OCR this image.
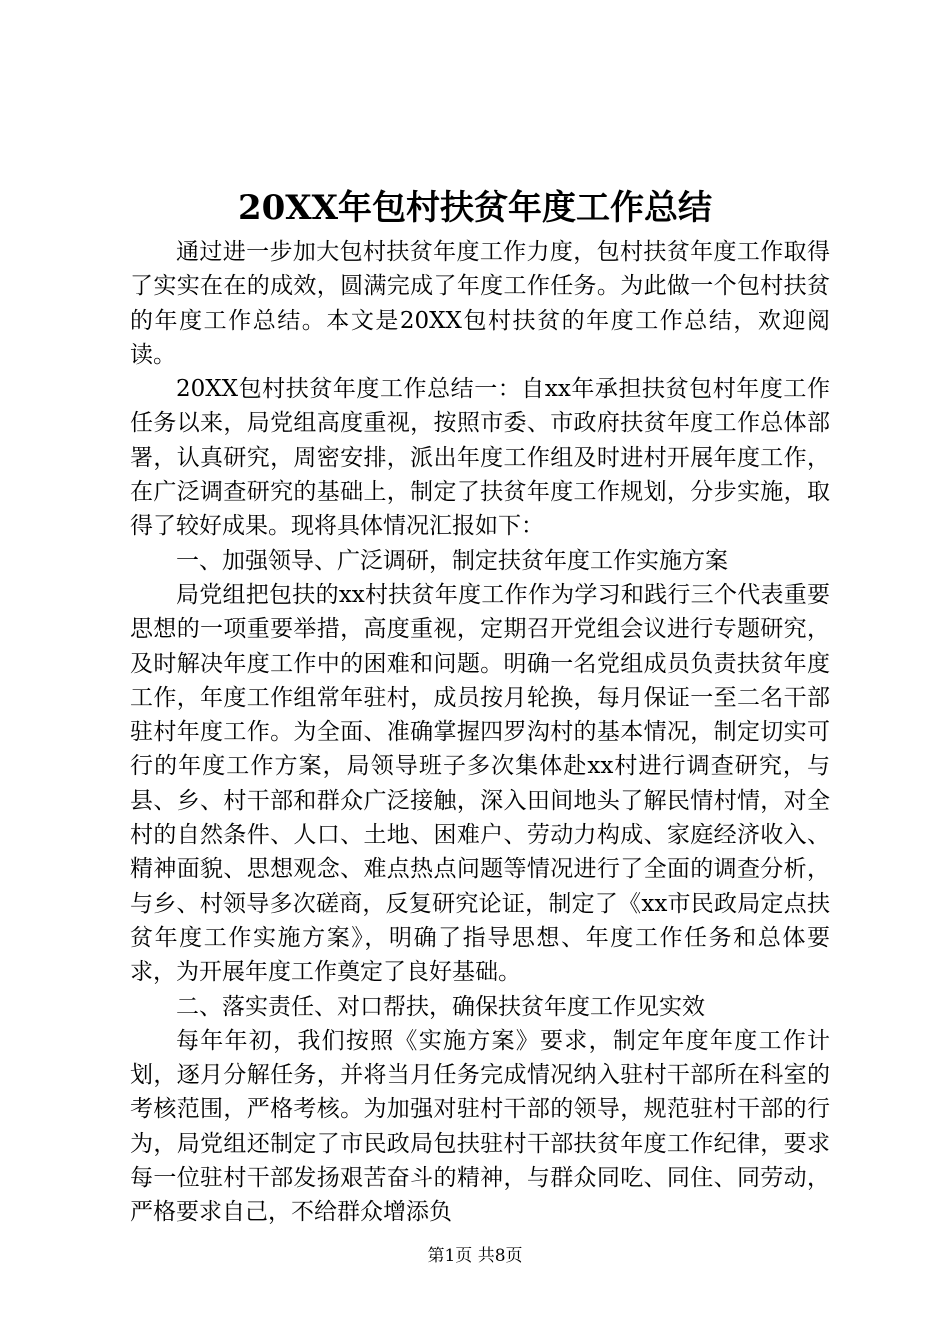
20XX年包村扶贫年度工作总结

通过进一步加大包村扶贫年度工作力度，包村扶贫年度工作取得了实实在在的成效，圆满完成了年度工作任务。为此做一个包村扶贫的年度工作总结。本文是20XX包村扶贫的年度工作总结，欢迎阅读。

20XX包村扶贫年度工作总结一：自xx年承担扶贫包村年度工作任务以来，局党组高度重视，按照市委、市政府扶贫年度工作总体部署，认真研究，周密安排，派出年度工作组及时进村开展年度工作，在广泛调查研究的基础上，制定了扶贫年度工作规划，分步实施，取得了较好成果。现将具体情况汇报如下：

一、加强领导、广泛调研，制定扶贫年度工作实施方案

局党组把包扶的xx村扶贫年度工作作为学习和践行三个代表重要思想的一项重要举措，高度重视，定期召开党组会议进行专题研究，及时解决年度工作中的困难和问题。明确一名党组成员负责扶贫年度工作，年度工作组常年驻村，成员按月轮换，每月保证一至二名干部驻村年度工作。为全面、准确掌握四罗沟村的基本情况，制定切实可行的年度工作方案，局领导班子多次集体赴xx村进行调查研究，与县、乡、村干部和群众广泛接触，深入田间地头了解民情村情，对全村的自然条件、人口、土地、困难户、劳动力构成、家庭经济收入、精神面貌、思想观念、难点热点问题等情况进行了全面的调查分析，与乡、村领导多次磋商，反复研究论证，制定了《xx市民政局定点扶贫年度工作实施方案》，明确了指导思想、年度工作任务和总体要求，为开展年度工作奠定了良好基础。

二、落实责任、对口帮扶，确保扶贫年度工作见实效

每年年初，我们按照《实施方案》要求，制定年度年度工作计划，逐月分解任务，并将当月任务完成情况纳入驻村干部所在科室的考核范围，严格考核。为加强对驻村干部的领导，规范驻村干部的行为，局党组还制定了市民政局包扶驻村干部扶贫年度工作纪律，要求每一位驻村干部发扬艰苦奋斗的精神，与群众同吃、同住、同劳动，严格要求自己，不给群众增添负

第1页 共8页
